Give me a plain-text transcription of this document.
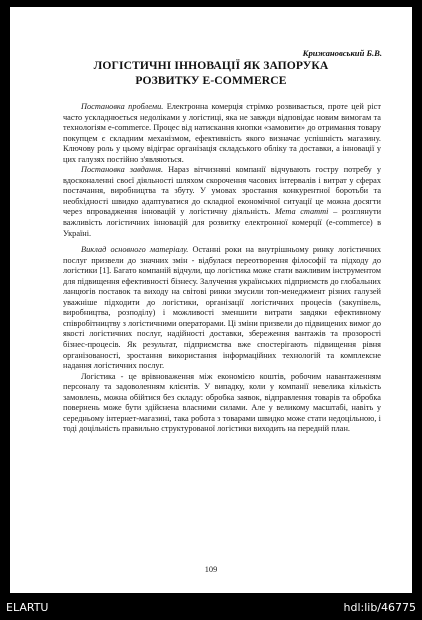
Крижановський Б.В.
ЛОГІСТИЧНІ ІННОВАЦІЇ ЯК ЗАПОРУКА
РОЗВИТКУ E-COMMERCE

Постановка проблеми. Електронна комерція стрімко розвивається, проте цей ріст часто ускладнюється недоліками у логістиці, яка не завжди відповідає новим вимогам та технологіям e-commerce. Процес від натискання кнопки «замовити» до отримання товару покупцем є складним механізмом, ефективність якого визначає успішність магазину. Ключову роль у цьому відіграє організація складського обліку та доставки, а інновації у цих галузях постійно з'являються.

Постановка завдання. Нараз вітчизняні компанії відчувають гостру потребу у вдосконаленні своєї діяльності шляхом скорочення часових інтервалів і витрат у сферах постачання, виробництва та збуту. У умовах зростання конкурентної боротьби та необхідності швидко адаптуватися до складної економічної ситуації це можна досягти через впровадження інновацій у логістичну діяльність. Мета статті – розглянути важливість логістичних інновацій для розвитку електронної комерції (e-commerce) в Україні.

Виклад основного матеріалу. Останні роки на внутрішньому ринку логістичних послуг призвели до значних змін - відбулася переотворення філософії та підходу до логістики [1]. Багато компаній відчули, що логістика може стати важливим інструментом для підвищення ефективності бізнесу. Залучення українських підприємств до глобальних ланцюгів поставок та виходу на світові ринки змусили топ-менеджмент різних галузей уважніше підходити до логістики, організації логістичних процесів (закупівель, виробництва, розподілу) і можливості зменшити витрати завдяки ефективному співробітництву з логістичними операторами. Ці зміни призвели до підвищених вимог до якості логістичних послуг, надійності доставки, збереження вантажів та прозорості бізнес-процесів. Як результат, підприємства вже спостерігають підвищення рівня організованості, зростання використання інформаційних технологій та комплексне надання логістичних послуг.

Логістика - це врівноваження між економією коштів, робочим навантаженням персоналу та задоволенням клієнтів. У випадку, коли у компанії невелика кількість замовлень, можна обійтися без складу: обробка заявок, відправлення товарів та обробка повернень може бути здійснена власними силами. Але у великому масштабі, навіть у середньому інтернет-магазині, така робота з товарами швидко може стати недоцільною, і тоді доцільність правильно структурованої логістики виходить на передній план.

109
ELARTU	hdl:lib/46775
